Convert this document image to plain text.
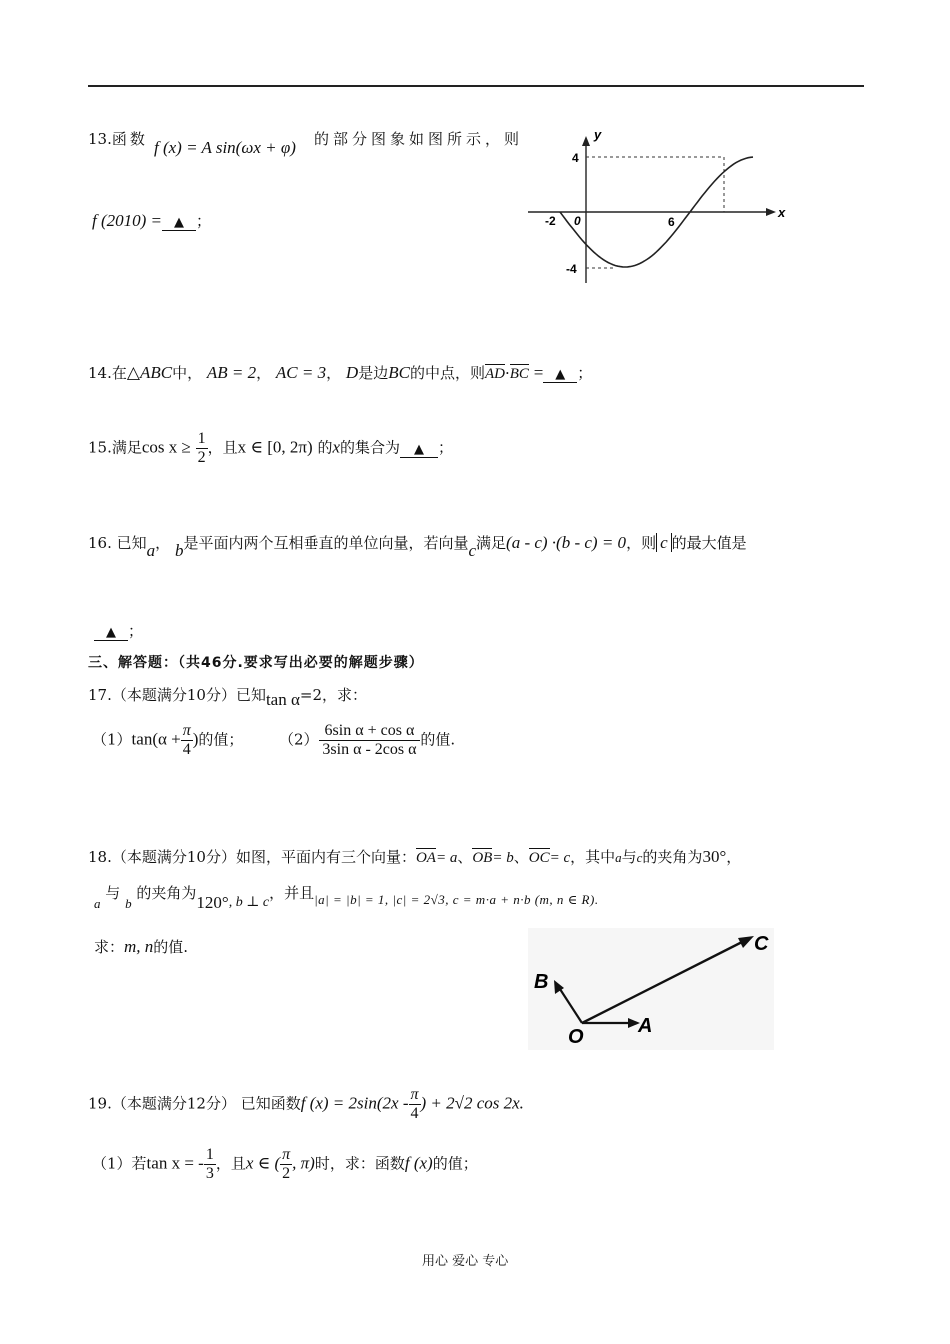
13.函数 f (x) = A sin(ωx + φ) 的部分图象如图所示，则
f (2010) = ▲ ；
y
x
4
-2 0	6
-4
14.在△ABC中， AB = 2， AC = 3， D是边BC的中点，则AD·BC = ▲ ；
15.满足$\cos x \ge \frac{1}{2}$ ，且x ∈ [0, 2π) 的x的集合为 ▲ ；
16. 已知a， b是平面内两个互相垂直的单位向量，若向量c满足(a - c) ·(b - c) = 0，则 c 的最大值是
▲ ；
三、解答题：（共46分.要求写出必要的解题步骤）
17.（本题满分10分）已知tan α=2，求：
$(1)\tan(\alpha + \frac{\pi}{4}$ )的值； $(2) \frac{\text{6sin α + cos α}}{\text{3sin α - 2cos α}}$ 的值.
18.（本题满分10分）如图，平面内有三个向量：OA= a、OB= b、OC= c，其中a与c的夹角为30°，
a 与 b 的夹角为120°, b ⊥ c，并且|a| = |b| = 1, |c| = 2√3, c = m·a + n·b (m, n ∈ R).
求：m, n的值.
B
C
O	A
19.（本题满分12分） 已知函数f $(x) = 2\sin(2x - \frac{\pi}{4}$ ) + 2√2 cos 2x.
（1）若tan x = - $\frac{1}{3}$ ，且x ∈ ( $\frac{\pi}{2}$ , π)时，求：函数f (x)的值；
用心 爱心 专心
